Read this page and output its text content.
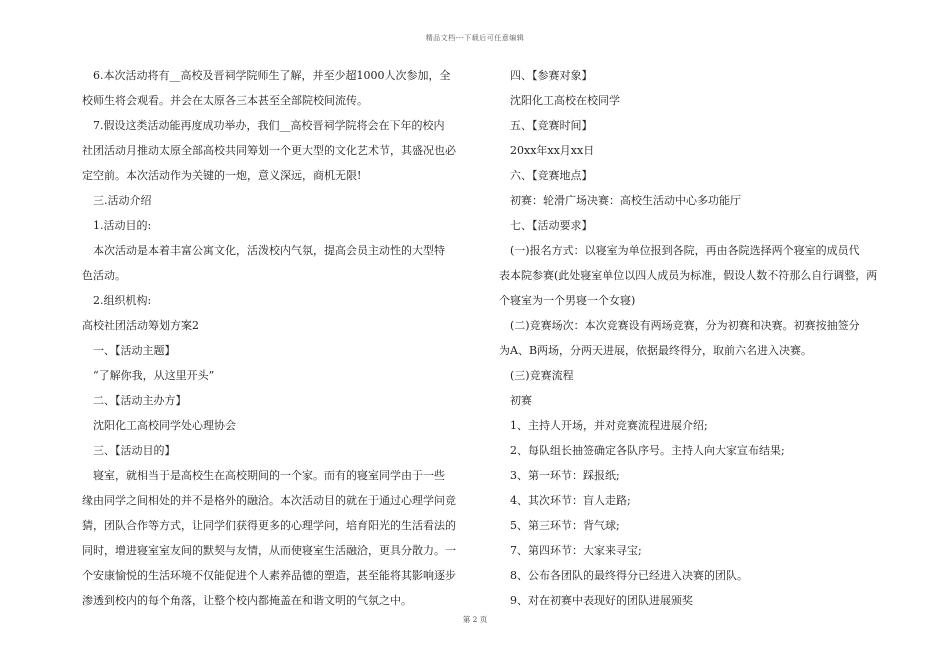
精品文档---下载后可任意编辑
6.本次活动将有__高校及晋祠学院师生了解，并至少超1000人次参加，全
校师生将会观看。并会在太原各三本甚至全部院校间流传。
7.假设这类活动能再度成功举办，我们__高校晋祠学院将会在下年的校内
社团活动月推动太原全部高校共同筹划一个更大型的文化艺术节，其盛况也必
定空前。本次活动作为关键的一炮，意义深远，商机无限!
三.活动介绍
1.活动目的:
本次活动是本着丰富公寓文化，活泼校内气氛，提高会员主动性的大型特
色活动。
2.组织机构:
高校社团活动筹划方案2
一、【活动主题】
“了解你我，从这里开头”
二、【活动主办方】
沈阳化工高校同学处心理协会
三、【活动目的】
寝室，就相当于是高校生在高校期间的一个家。而有的寝室同学由于一些
缘由同学之间相处的并不是格外的融洽。本次活动目的就在于通过心理学问竞
猜，团队合作等方式，让同学们获得更多的心理学问，培育阳光的生活看法的
同时，增进寝室室友间的默契与友情，从而使寝室生活融洽，更具分散力。一
个安康愉悦的生活环境不仅能促进个人素养品德的塑造，甚至能将其影响逐步
渗透到校内的每个角落，让整个校内都掩盖在和谐文明的气氛之中。
四、【参赛对象】
沈阳化工高校在校同学
五、【竞赛时间】
20xx年xx月xx日
六、【竞赛地点】
初赛：轮滑广场决赛：高校生活动中心多功能厅
七、【活动要求】
(一)报名方式：以寝室为单位报到各院，再由各院选择两个寝室的成员代
表本院参赛(此处寝室单位以四人成员为标准，假设人数不符那么自行调整，两
个寝室为一个男寝一个女寝)
(二)竞赛场次：本次竞赛设有两场竞赛，分为初赛和决赛。初赛按抽签分
为A、B两场，分两天进展，依据最终得分，取前六名进入决赛。
(三)竞赛流程
初赛
1、主持人开场，并对竞赛流程进展介绍;
2、每队组长抽签确定各队序号。主持人向大家宣布结果;
3、第一环节：踩报纸;
4、其次环节：盲人走路;
5、第三环节：背气球;
7、第四环节：大家来寻宝;
8、公布各团队的最终得分已经进入决赛的团队。
9、对在初赛中表现好的团队进展颁奖
第 2 页
